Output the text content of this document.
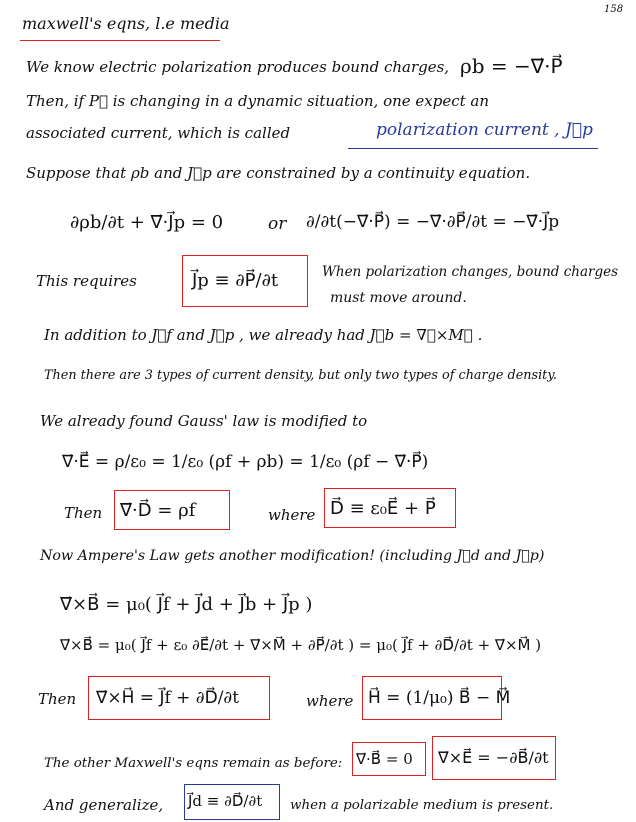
158
maxwell's eqns, l.e media
We know electric polarization produces bound charges, ρb = −∇⃗·P⃗
Then, if P⃗ is changing in a dynamic situation, one expect an
associated current, which is called	polarization current , J⃗p
Suppose that ρb and J⃗p are constrained by a continuity equation.
∂ρb/∂t + ∇⃗·J⃗p = 0	or ∂/∂t(−∇⃗·P⃗) = −∇⃗·∂P⃗/∂t = −∇⃗·J⃗p
This requires	J⃗p ≡ ∂P⃗/∂t	When polarization changes, bound charges
must move around.
In addition to J⃗f and J⃗p , we already had J⃗b = ∇⃗×M⃗ .
Then there are 3 types of current density, but only two types of charge density.
We already found Gauss' law is modified to
∇⃗·E⃗ = ρ/ε₀ = 1/ε₀ (ρf + ρb) = 1/ε₀ (ρf − ∇⃗·P⃗)
Then ∇⃗·D⃗ = ρf	where D⃗ ≡ ε₀E⃗ + P⃗
Now Ampere's Law gets another modification! (including J⃗d and J⃗p)
∇⃗×B⃗ = μ₀( J⃗f + J⃗d + J⃗b + J⃗p )
∇⃗×B⃗ = μ₀( J⃗f + ε₀ ∂E⃗/∂t + ∇⃗×M⃗ + ∂P⃗/∂t ) = μ₀( J⃗f + ∂D⃗/∂t + ∇⃗×M⃗ )
Then ∇⃗×H⃗ = J⃗f + ∂D⃗/∂t	where H⃗ = (1/μ₀) B⃗ − M⃗
The other Maxwell's eqns remain as before: ∇⃗·B⃗ = 0 ∇⃗×E⃗ = −∂B⃗/∂t
And generalize, J⃗d ≡ ∂D⃗/∂t when a polarizable medium is present.
